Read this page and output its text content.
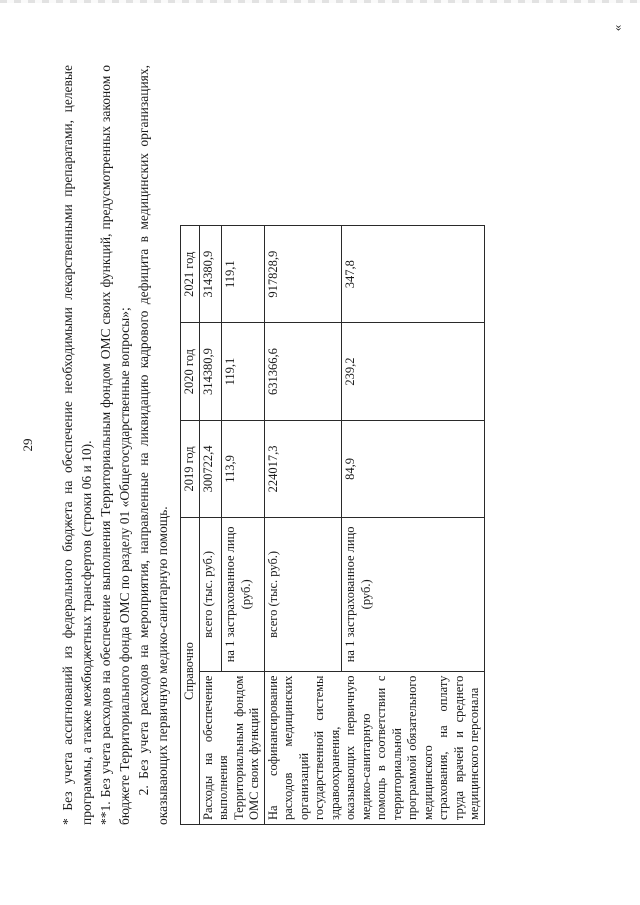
29 * Без учета ассигнований из федерального бюджета на обеспечение необходимыми лекарственными препаратами, целевые программы, а также межбюджетных трансфертов (строки 06 и 10). **1. Без учета расходов на обеспечение выполнения Территориальным фондом ОМС своих функций, предусмотренных законом о бюджете Территориального фонда ОМС по разделу 01 «Общегосударственные вопросы»; 2. Без учета расходов на мероприятия, направленные на ликвидацию кадрового дефицита в медицинских организациях, оказывающих первичную медико-санитарную помощь. Справочно		2019 год	2020 год	2021 год
Расходы на обеспечение выполнения Территориальным фондом ОМС своих функций	всего (тыс. руб.)	300722,4	314380,9	314380,9
	на 1 застрахованное лицо (руб.)	113,9	119,1	119,1
На софинансирование расходов медицинских организаций государственной системы здравоохранения, оказывающих первичную медико-санитарную помощь в соответствии с территориальной программой обязательного медицинского страхования, на оплату труда врачей и среднего медицинского персонала	всего (тыс. руб.)	224017,3	631366,6	917828,9
	на 1 застрахованное лицо (руб.)	84,9	239,2	347,8
»
